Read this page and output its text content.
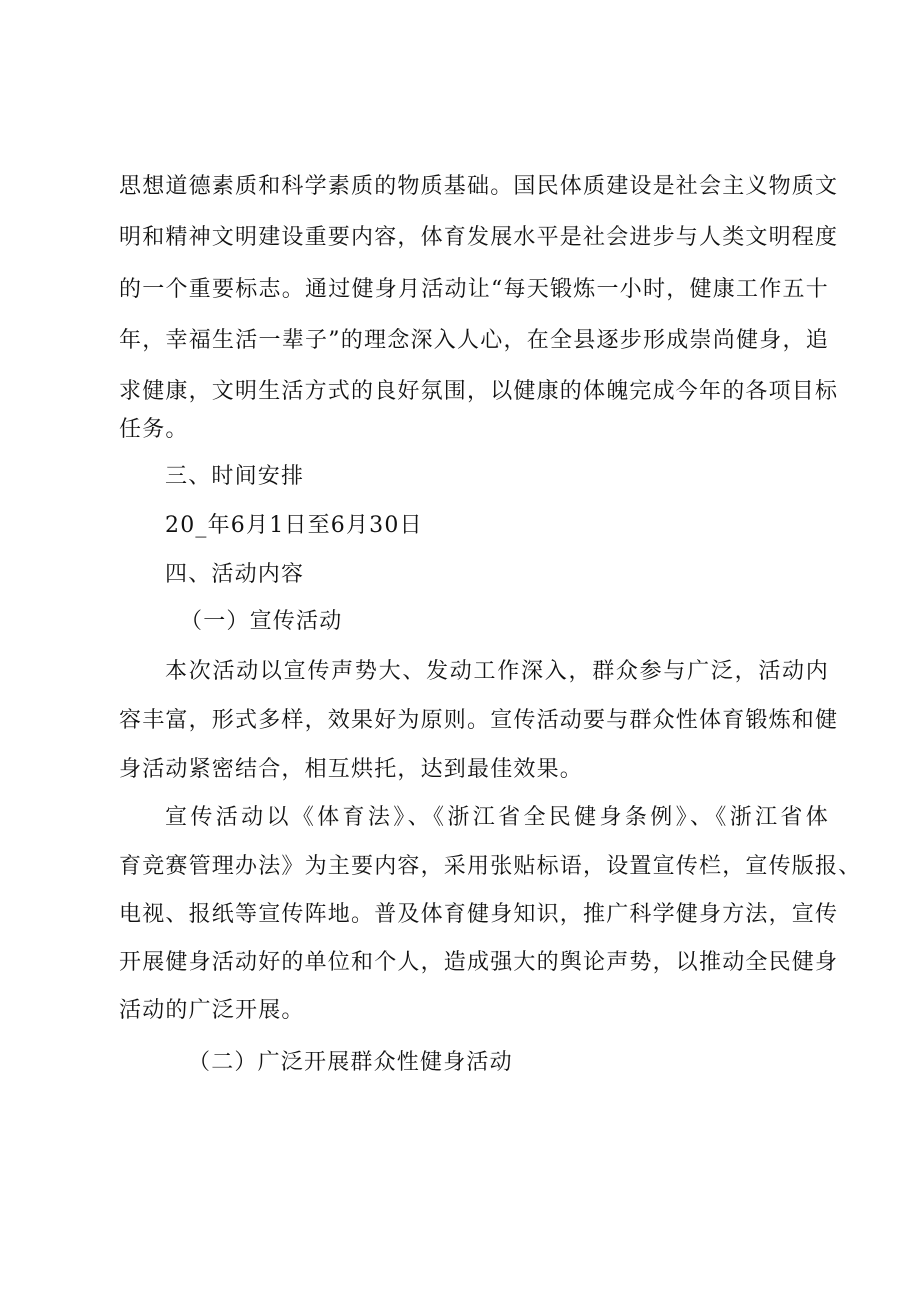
思想道德素质和科学素质的物质基础。国民体质建设是社会主义物质文
明和精神文明建设重要内容，体育发展水平是社会进步与人类文明程度
的一个重要标志。通过健身月活动让“每天锻炼一小时，健康工作五十
年，幸福生活一辈子”的理念深入人心，在全县逐步形成崇尚健身，追
求健康，文明生活方式的良好氛围，以健康的体魄完成今年的各项目标
任务。
三、时间安排
20_年6月1日至6月30日
四、活动内容
（一）宣传活动
本次活动以宣传声势大、发动工作深入，群众参与广泛，活动内
容丰富，形式多样，效果好为原则。宣传活动要与群众性体育锻炼和健
身活动紧密结合，相互烘托，达到最佳效果。
宣传活动以《体育法》、《浙江省全民健身条例》、《浙江省体
育竞赛管理办法》为主要内容，采用张贴标语，设置宣传栏，宣传版报、
电视、报纸等宣传阵地。普及体育健身知识，推广科学健身方法，宣传
开展健身活动好的单位和个人，造成强大的舆论声势，以推动全民健身
活动的广泛开展。
（二）广泛开展群众性健身活动
